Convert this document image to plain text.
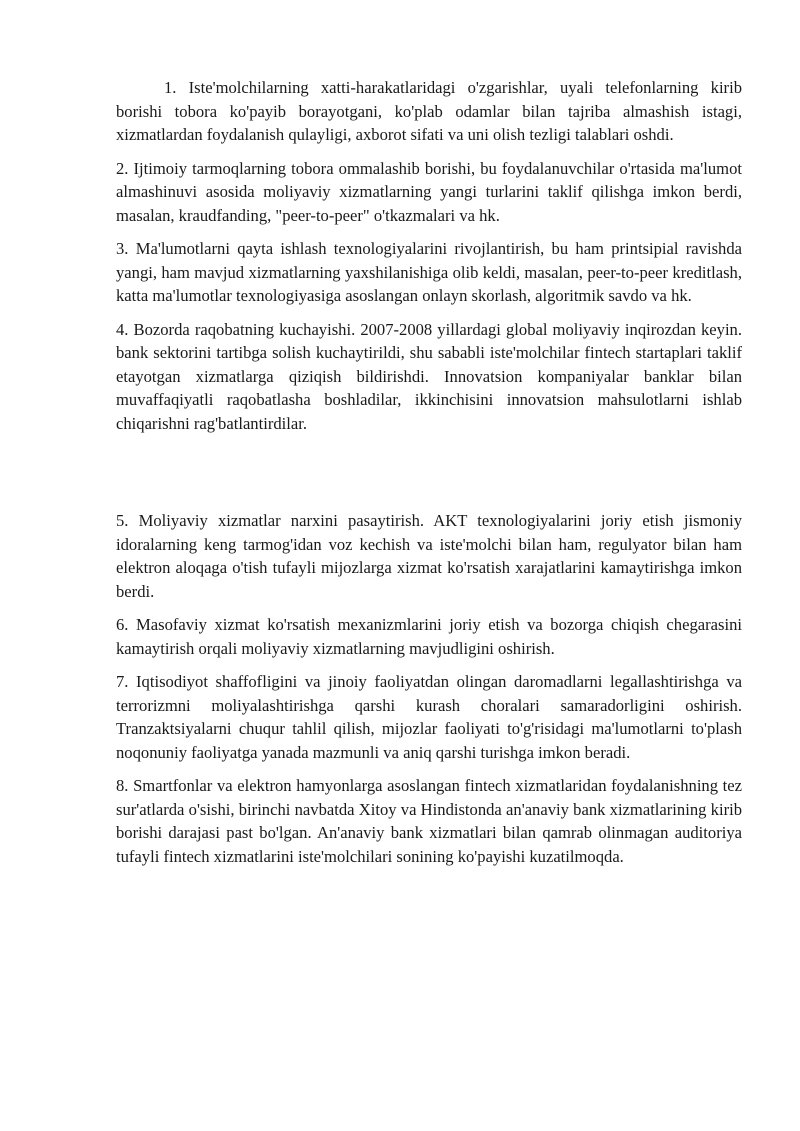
1. Iste'molchilarning xatti-harakatlaridagi o'zgarishlar, uyali telefonlarning kirib borishi tobora ko'payib borayotgani, ko'plab odamlar bilan tajriba almashish istagi, xizmatlardan foydalanish qulayligi, axborot sifati va uni olish tezligi talablari oshdi.

2. Ijtimoiy tarmoqlarning tobora ommalashib borishi, bu foydalanuvchilar o'rtasida ma'lumot almashinuvi asosida moliyaviy xizmatlarning yangi turlarini taklif qilishga imkon berdi, masalan, kraudfanding, "peer-to-peer" o'tkazmalari va hk.

3. Ma'lumotlarni qayta ishlash texnologiyalarini rivojlantirish, bu ham printsipial ravishda yangi, ham mavjud xizmatlarning yaxshilanishiga olib keldi, masalan, peer-to-peer kreditlash, katta ma'lumotlar texnologiyasiga asoslangan onlayn skorlash, algoritmik savdo va hk.

4. Bozorda raqobatning kuchayishi. 2007-2008 yillardagi global moliyaviy inqirozdan keyin. bank sektorini tartibga solish kuchaytirildi, shu sababli iste'molchilar fintech startaplari taklif etayotgan xizmatlarga qiziqish bildirishdi. Innovatsion kompaniyalar banklar bilan muvaffaqiyatli raqobatlasha boshladilar, ikkinchisini innovatsion mahsulotlarni ishlab chiqarishni rag'batlantirdilar.

5. Moliyaviy xizmatlar narxini pasaytirish. AKT texnologiyalarini joriy etish jismoniy idoralarning keng tarmog'idan voz kechish va iste'molchi bilan ham, regulyator bilan ham elektron aloqaga o'tish tufayli mijozlarga xizmat ko'rsatish xarajatlarini kamaytirishga imkon berdi.

6. Masofaviy xizmat ko'rsatish mexanizmlarini joriy etish va bozorga chiqish chegarasini kamaytirish orqali moliyaviy xizmatlarning mavjudligini oshirish.

7. Iqtisodiyot shaffofligini va jinoiy faoliyatdan olingan daromadlarni legallashtirishga va terrorizmni moliyalashtirishga qarshi kurash choralari samaradorligini oshirish. Tranzaktsiyalarni chuqur tahlil qilish, mijozlar faoliyati to'g'risidagi ma'lumotlarni to'plash noqonuniy faoliyatga yanada mazmunli va aniq qarshi turishga imkon beradi.

8. Smartfonlar va elektron hamyonlarga asoslangan fintech xizmatlaridan foydalanishning tez sur'atlarda o'sishi, birinchi navbatda Xitoy va Hindistonda an'anaviy bank xizmatlarining kirib borishi darajasi past bo'lgan. An'anaviy bank xizmatlari bilan qamrab olinmagan auditoriya tufayli fintech xizmatlarini iste'molchilari sonining ko'payishi kuzatilmoqda.
